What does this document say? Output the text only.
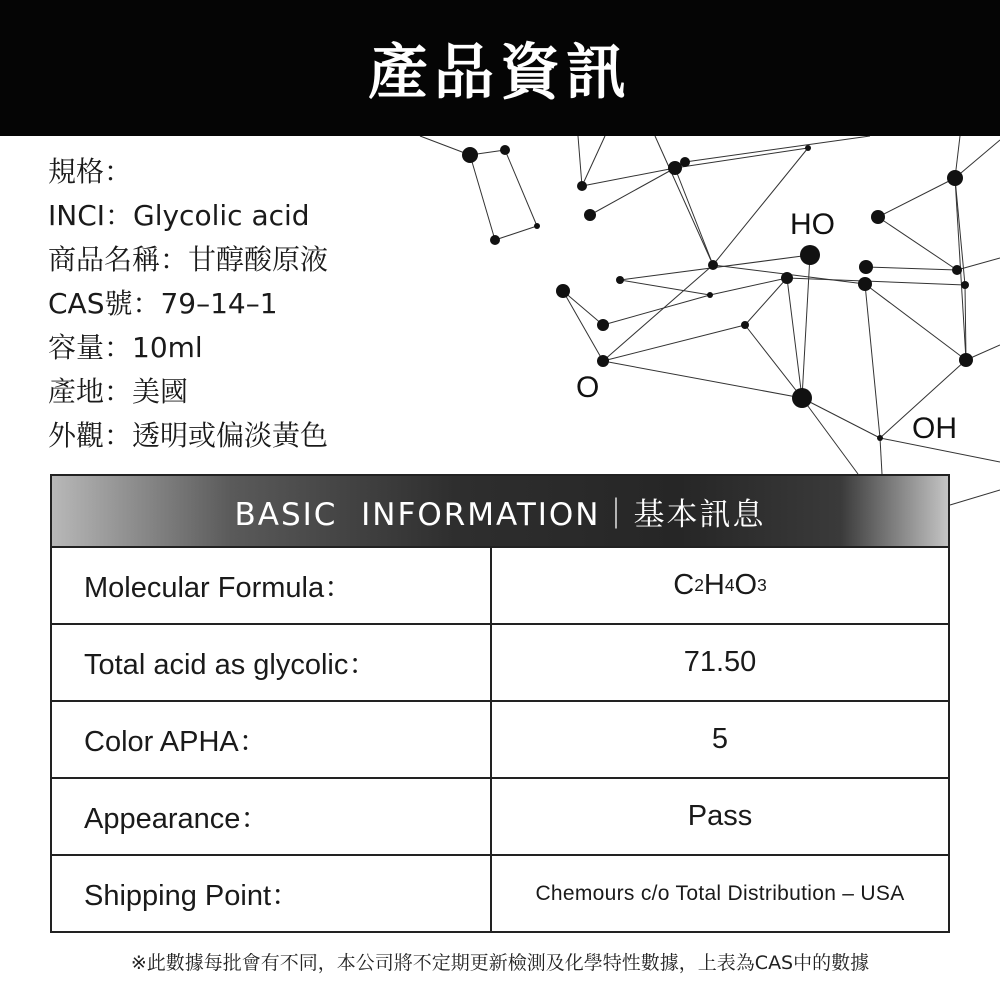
HO
O
OH
產品資訊
規格：
INCI：Glycolic acid
商品名稱：甘醇酸原液
CAS號：79–14–1
容量：10ml
產地：美國
外觀：透明或偏淡黃色
BASIC  INFORMATION｜基本訊息
Molecular Formula：	C 2 H 4 O 3
Total acid as glycolic：	71.50
Color APHA：	5
Appearance：	Pass
Shipping Point：	Chemours c/o Total Distribution – USA
※此數據每批會有不同，本公司將不定期更新檢測及化學特性數據，上表為CAS中的數據
